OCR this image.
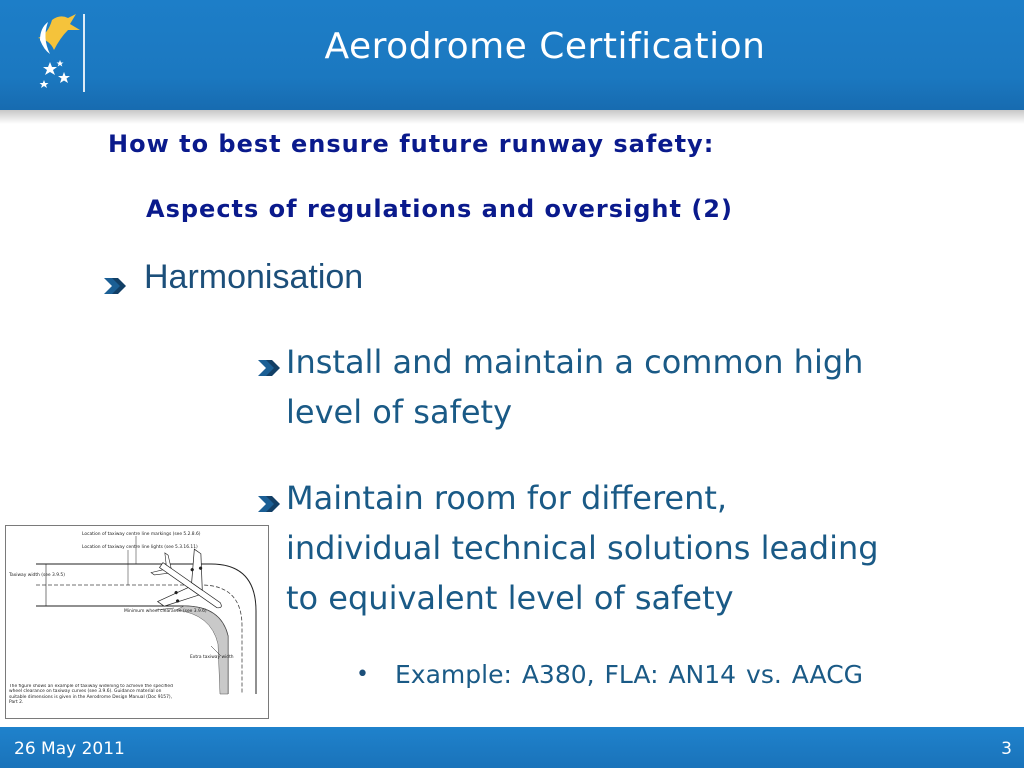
Aerodrome Certification
How to best ensure future runway safety:
Aspects of regulations and oversight (2)
Harmonisation
Install and maintain a common high
level of safety
Maintain room for different,
individual technical solutions leading
to equivalent level of safety
• Example: A380, FLA: AN14 vs. AACG
Location of taxiway centre line markings (see 5.2.8.6)
Location of taxiway centre line lights (see 5.3.16.11)
Taxiway width (see 3.9.5)
Minimum wheel clearance (see 3.9.6)
Extra taxiway width
The figure shows an example of taxiway widening to achieve the specified wheel clearance on taxiway curves (see 3.9.6). Guidance material on suitable dimensions is given in the Aerodrome Design Manual (Doc 9157), Part 2.
26 May 2011	3
